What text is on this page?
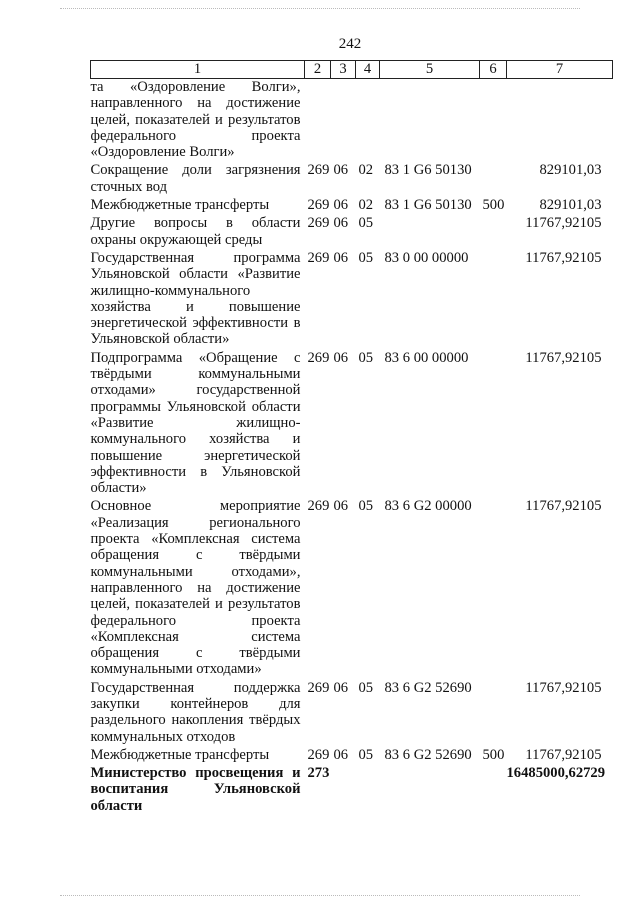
242
1	2	3	4	5	6	7
та «Оздоровление Волги», направленного на достижение целей, показателей и результатов федерального проекта «Оздоровление Волги»						

Сокращение доли загрязнения сточных вод	269	06	02	83 1 G6 50130		829101,03

Межбюджетные трансферты	269	06	02	83 1 G6 50130	500	829101,03

Другие вопросы в области охраны окружающей среды	269	06	05			11767,92105

Государственная программа Ульяновской области «Развитие жилищно-коммунального хозяйства и повышение энергетической эффективности в Ульяновской области»	269	06	05	83 0 00 00000		11767,92105

Подпрограмма «Обращение с твёрдыми коммунальными отходами» государственной программы Ульяновской области «Развитие жилищно-коммунального хозяйства и повышение энергетической эффективности в Ульяновской области»	269	06	05	83 6 00 00000		11767,92105

Основное мероприятие «Реализация регионального проекта «Комплексная система обращения с твёрдыми коммунальными отходами», направленного на достижение целей, показателей и результатов федерального проекта «Комплексная система обращения с твёрдыми коммунальными отходами»	269	06	05	83 6 G2 00000		11767,92105

Государственная поддержка закупки контейнеров для раздельного накопления твёрдых коммунальных отходов	269	06	05	83 6 G2 52690		11767,92105

Межбюджетные трансферты	269	06	05	83 6 G2 52690	500	11767,92105

Министерство просвещения и воспитания Ульяновской области	273					16485000,62729
